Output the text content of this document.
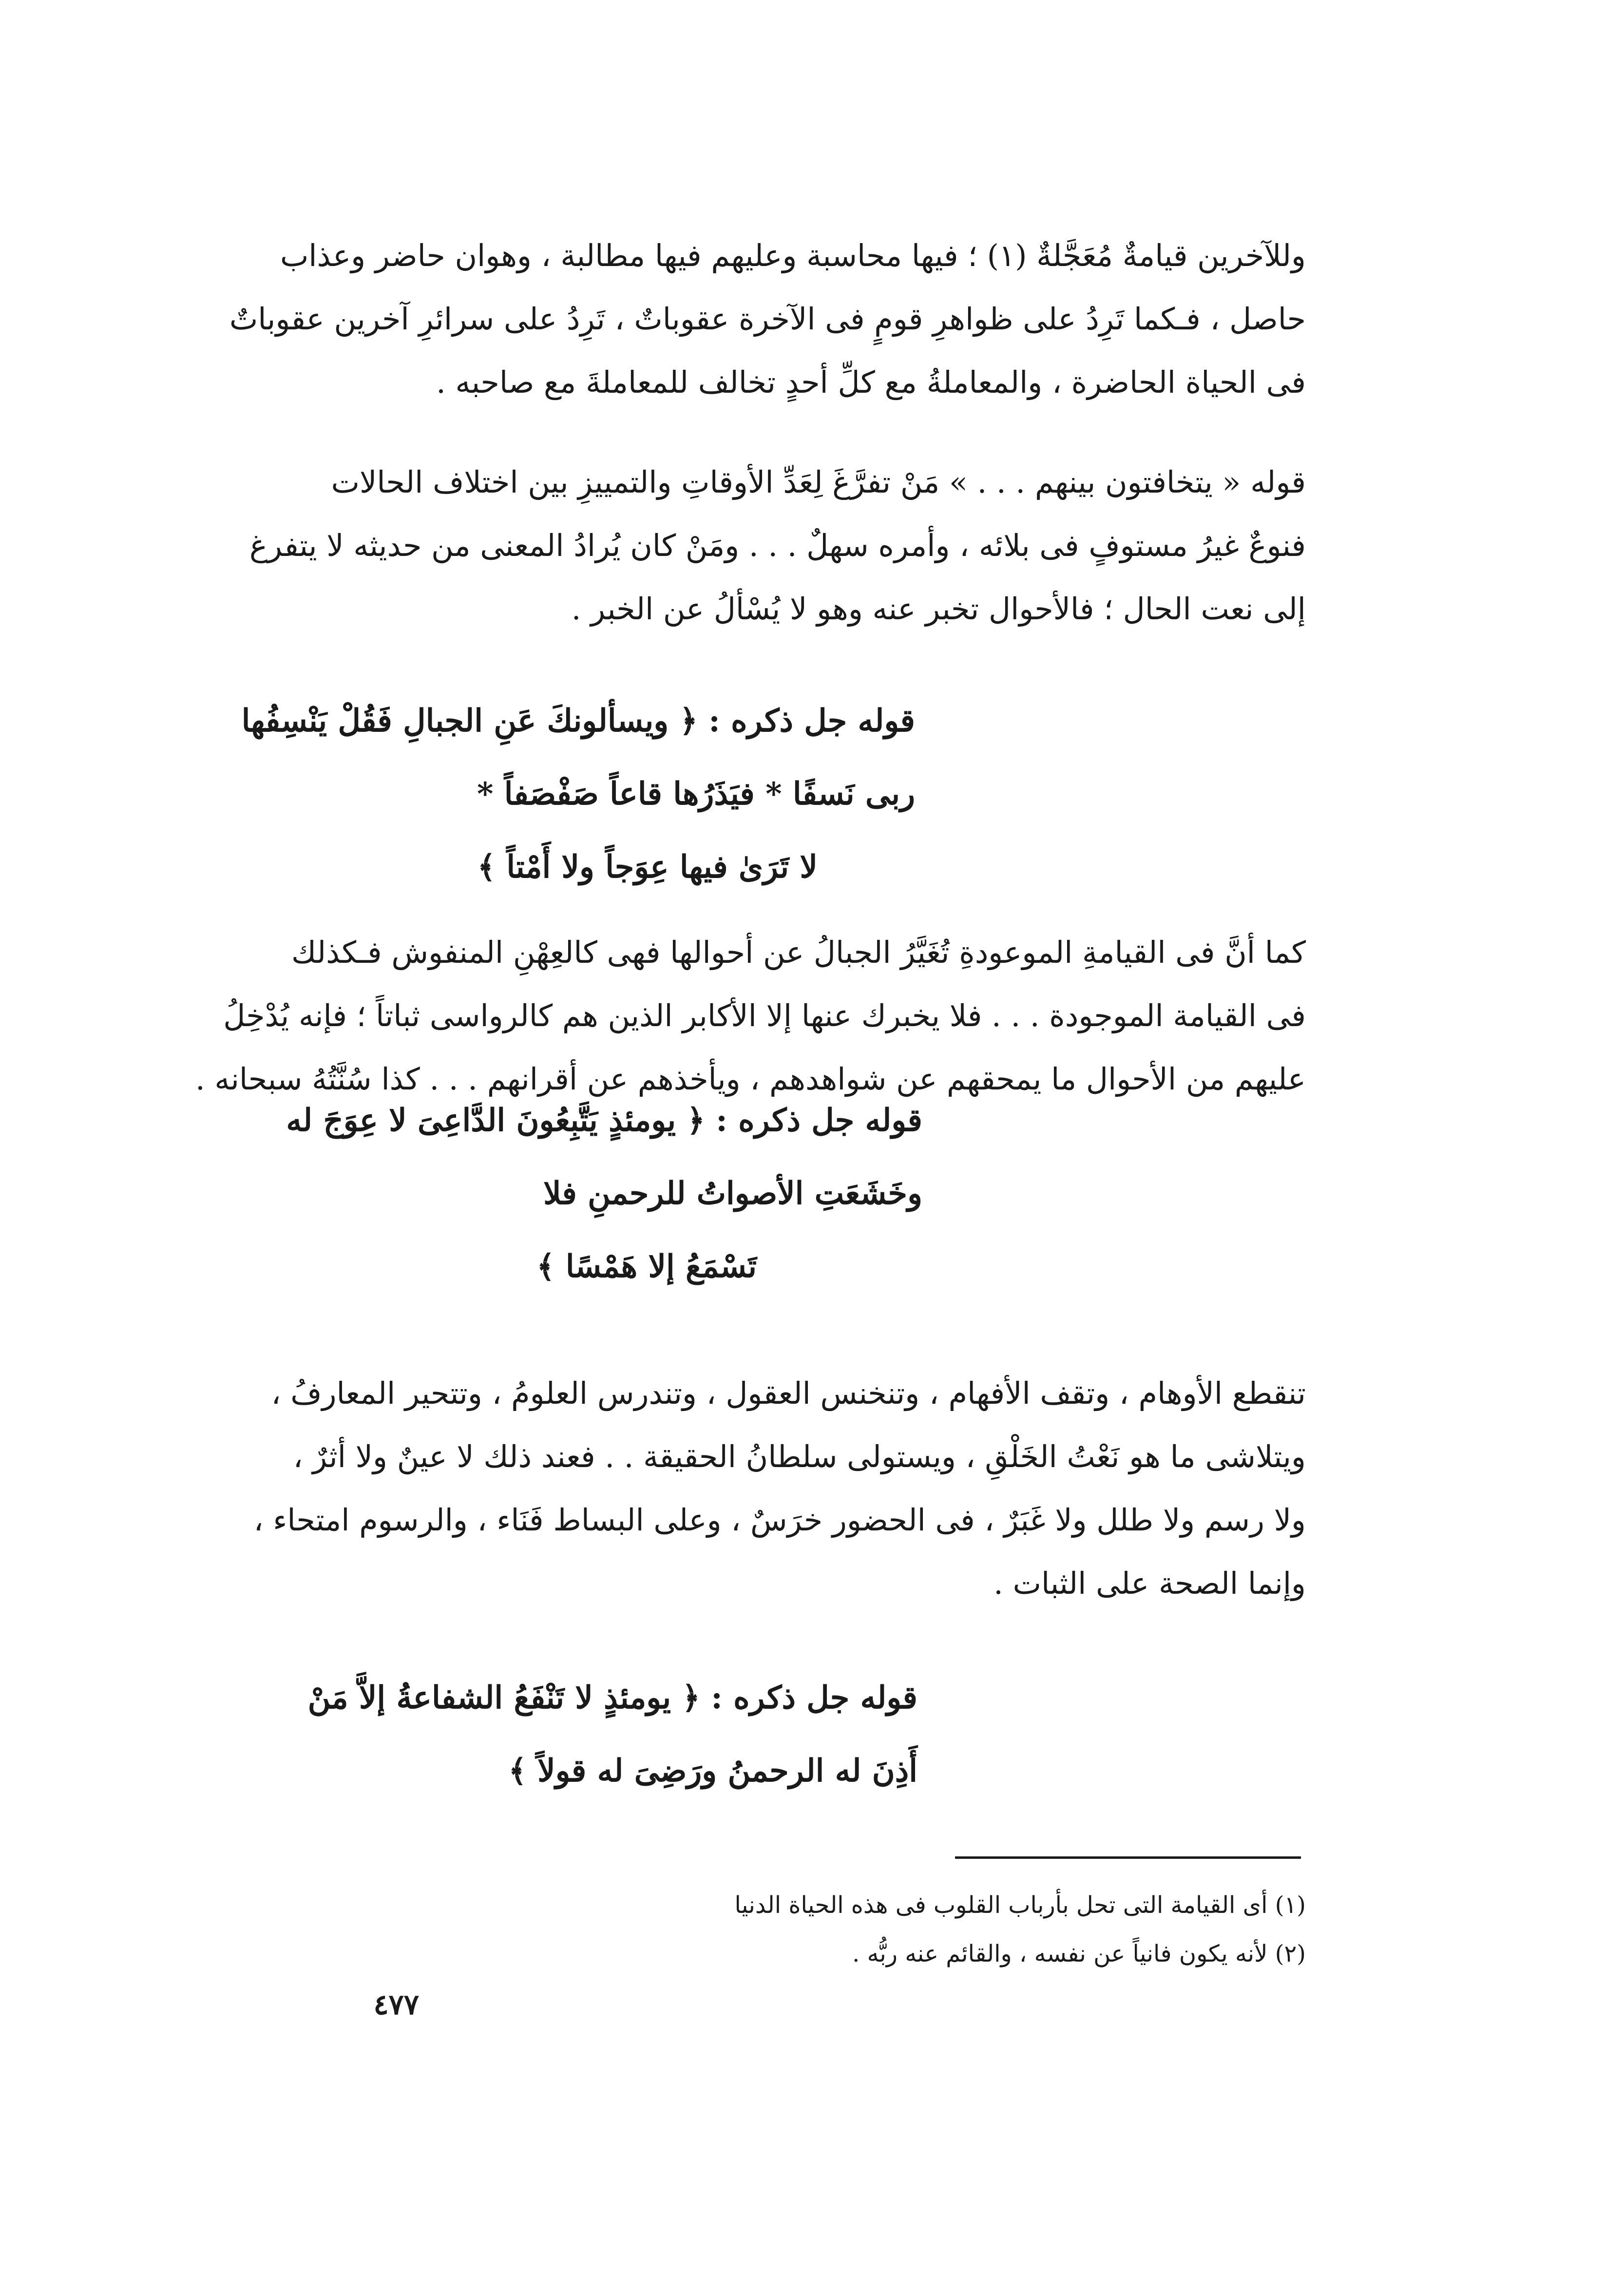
وللآخرين قيامةٌ مُعَجَّلةٌ (١) ؛ فيها محاسبة وعليهم فيها مطالبة ، وهوان حاضر وعذاب
حاصل ، فـكما تَرِدُ على ظواهرِ قومٍ فى الآخرة عقوباتٌ ، تَرِدُ على سرائرِ آخرين عقوباتٌ
فى الحياة الحاضرة ، والمعاملةُ مع كلِّ أحدٍ تخالف للمعاملةَ مع صاحبه .
قوله « يتخافتون بينهم . . . » مَنْ تفرَّغَ لِعَدِّ الأوقاتِ والتمييزِ بين اختلاف الحالات
فنوعٌ غيرُ مستوفٍ فى بلائه ، وأمره سهلٌ . . . ومَنْ كان يُرادُ المعنى من حديثه لا يتفرغ
إلى نعت الحال ؛ فالأحوال تخبر عنه وهو لا يُسْألُ عن الخبر .
قوله جل ذكره : ﴿ ويسألونكَ عَنِ الجبالِ فَقُلْ يَنْسِفُها
ربى نَسفًا * فيَذَرُها قاعاً صَفْصَفاً *
لا تَرَىٰ فيها عِوَجاً ولا أَمْتاً ﴾
كما أنَّ فى القيامةِ الموعودةِ تُغَيَّرُ الجبالُ عن أحوالها فهى كالعِهْنِ المنفوش فـكذلك
فى القيامة الموجودة . . . فلا يخبرك عنها إلا الأكابر الذين هم كالرواسى ثباتاً ؛ فإنه يُدْخِلُ
عليهم من الأحوال ما يمحقهم عن شواهدهم ، ويأخذهم عن أقرانهم . . . كذا سُنَّتُهُ سبحانه .
قوله جل ذكره : ﴿ يومئذٍ يَتَّبِعُونَ الدَّاعِىَ لا عِوَجَ له
وخَشَعَتِ الأصواتُ للرحمنِ فلا
تَسْمَعُ إلا هَمْسًا ﴾
تنقطع الأوهام ، وتقف الأفهام ، وتنخنس العقول ، وتندرس العلومُ ، وتتحير المعارفُ ،
ويتلاشى ما هو نَعْتُ الخَلْقِ ، ويستولى سلطانُ الحقيقة . . فعند ذلك لا عينٌ ولا أثرٌ ،
ولا رسم ولا طلل ولا غَبَرٌ ، فى الحضور خرَسٌ ، وعلى البساط فَنَاء ، والرسوم امتحاء ،
وإنما الصحة على الثبات .
قوله جل ذكره : ﴿ يومئذٍ لا تَنْفَعُ الشفاعةُ إلاَّ مَنْ
أَذِنَ له الرحمنُ ورَضِىَ له قولاً ﴾
(١) أى القيامة التى تحل بأرباب القلوب فى هذه الحياة الدنيا
(٢) لأنه يكون فانياً عن نفسه ، والقائم عنه ربُّه .
٤٧٧
